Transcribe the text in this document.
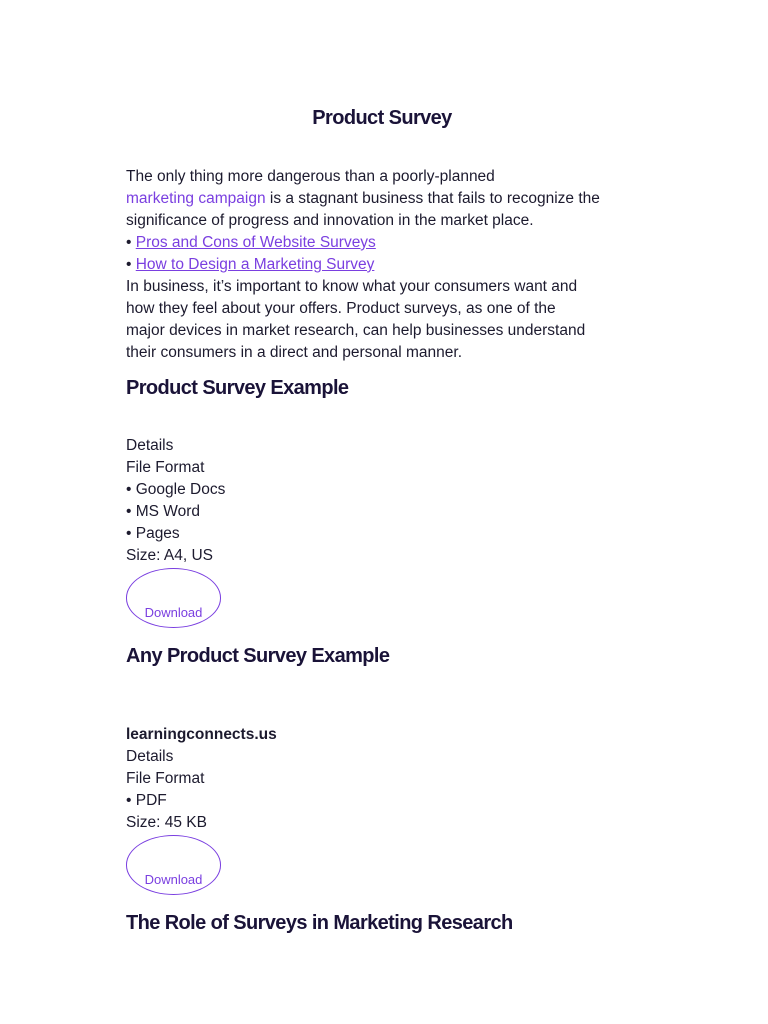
Product Survey

The only thing more dangerous than a poorly-planned

marketing campaign is a stagnant business that fails to recognize the

significance of progress and innovation in the market place.

• Pros and Cons of Website Surveys

• How to Design a Marketing Survey

In business, it’s important to know what your consumers want and

how they feel about your offers. Product surveys, as one of the

major devices in market research, can help businesses understand

their consumers in a direct and personal manner.

Product Survey Example
Details
File Format
• Google Docs
• MS Word
• Pages
Size: A4, US
Download
Any Product Survey Example
learningconnects.us
Details
File Format
• PDF
Size: 45 KB
Download
The Role of Surveys in Marketing Research
